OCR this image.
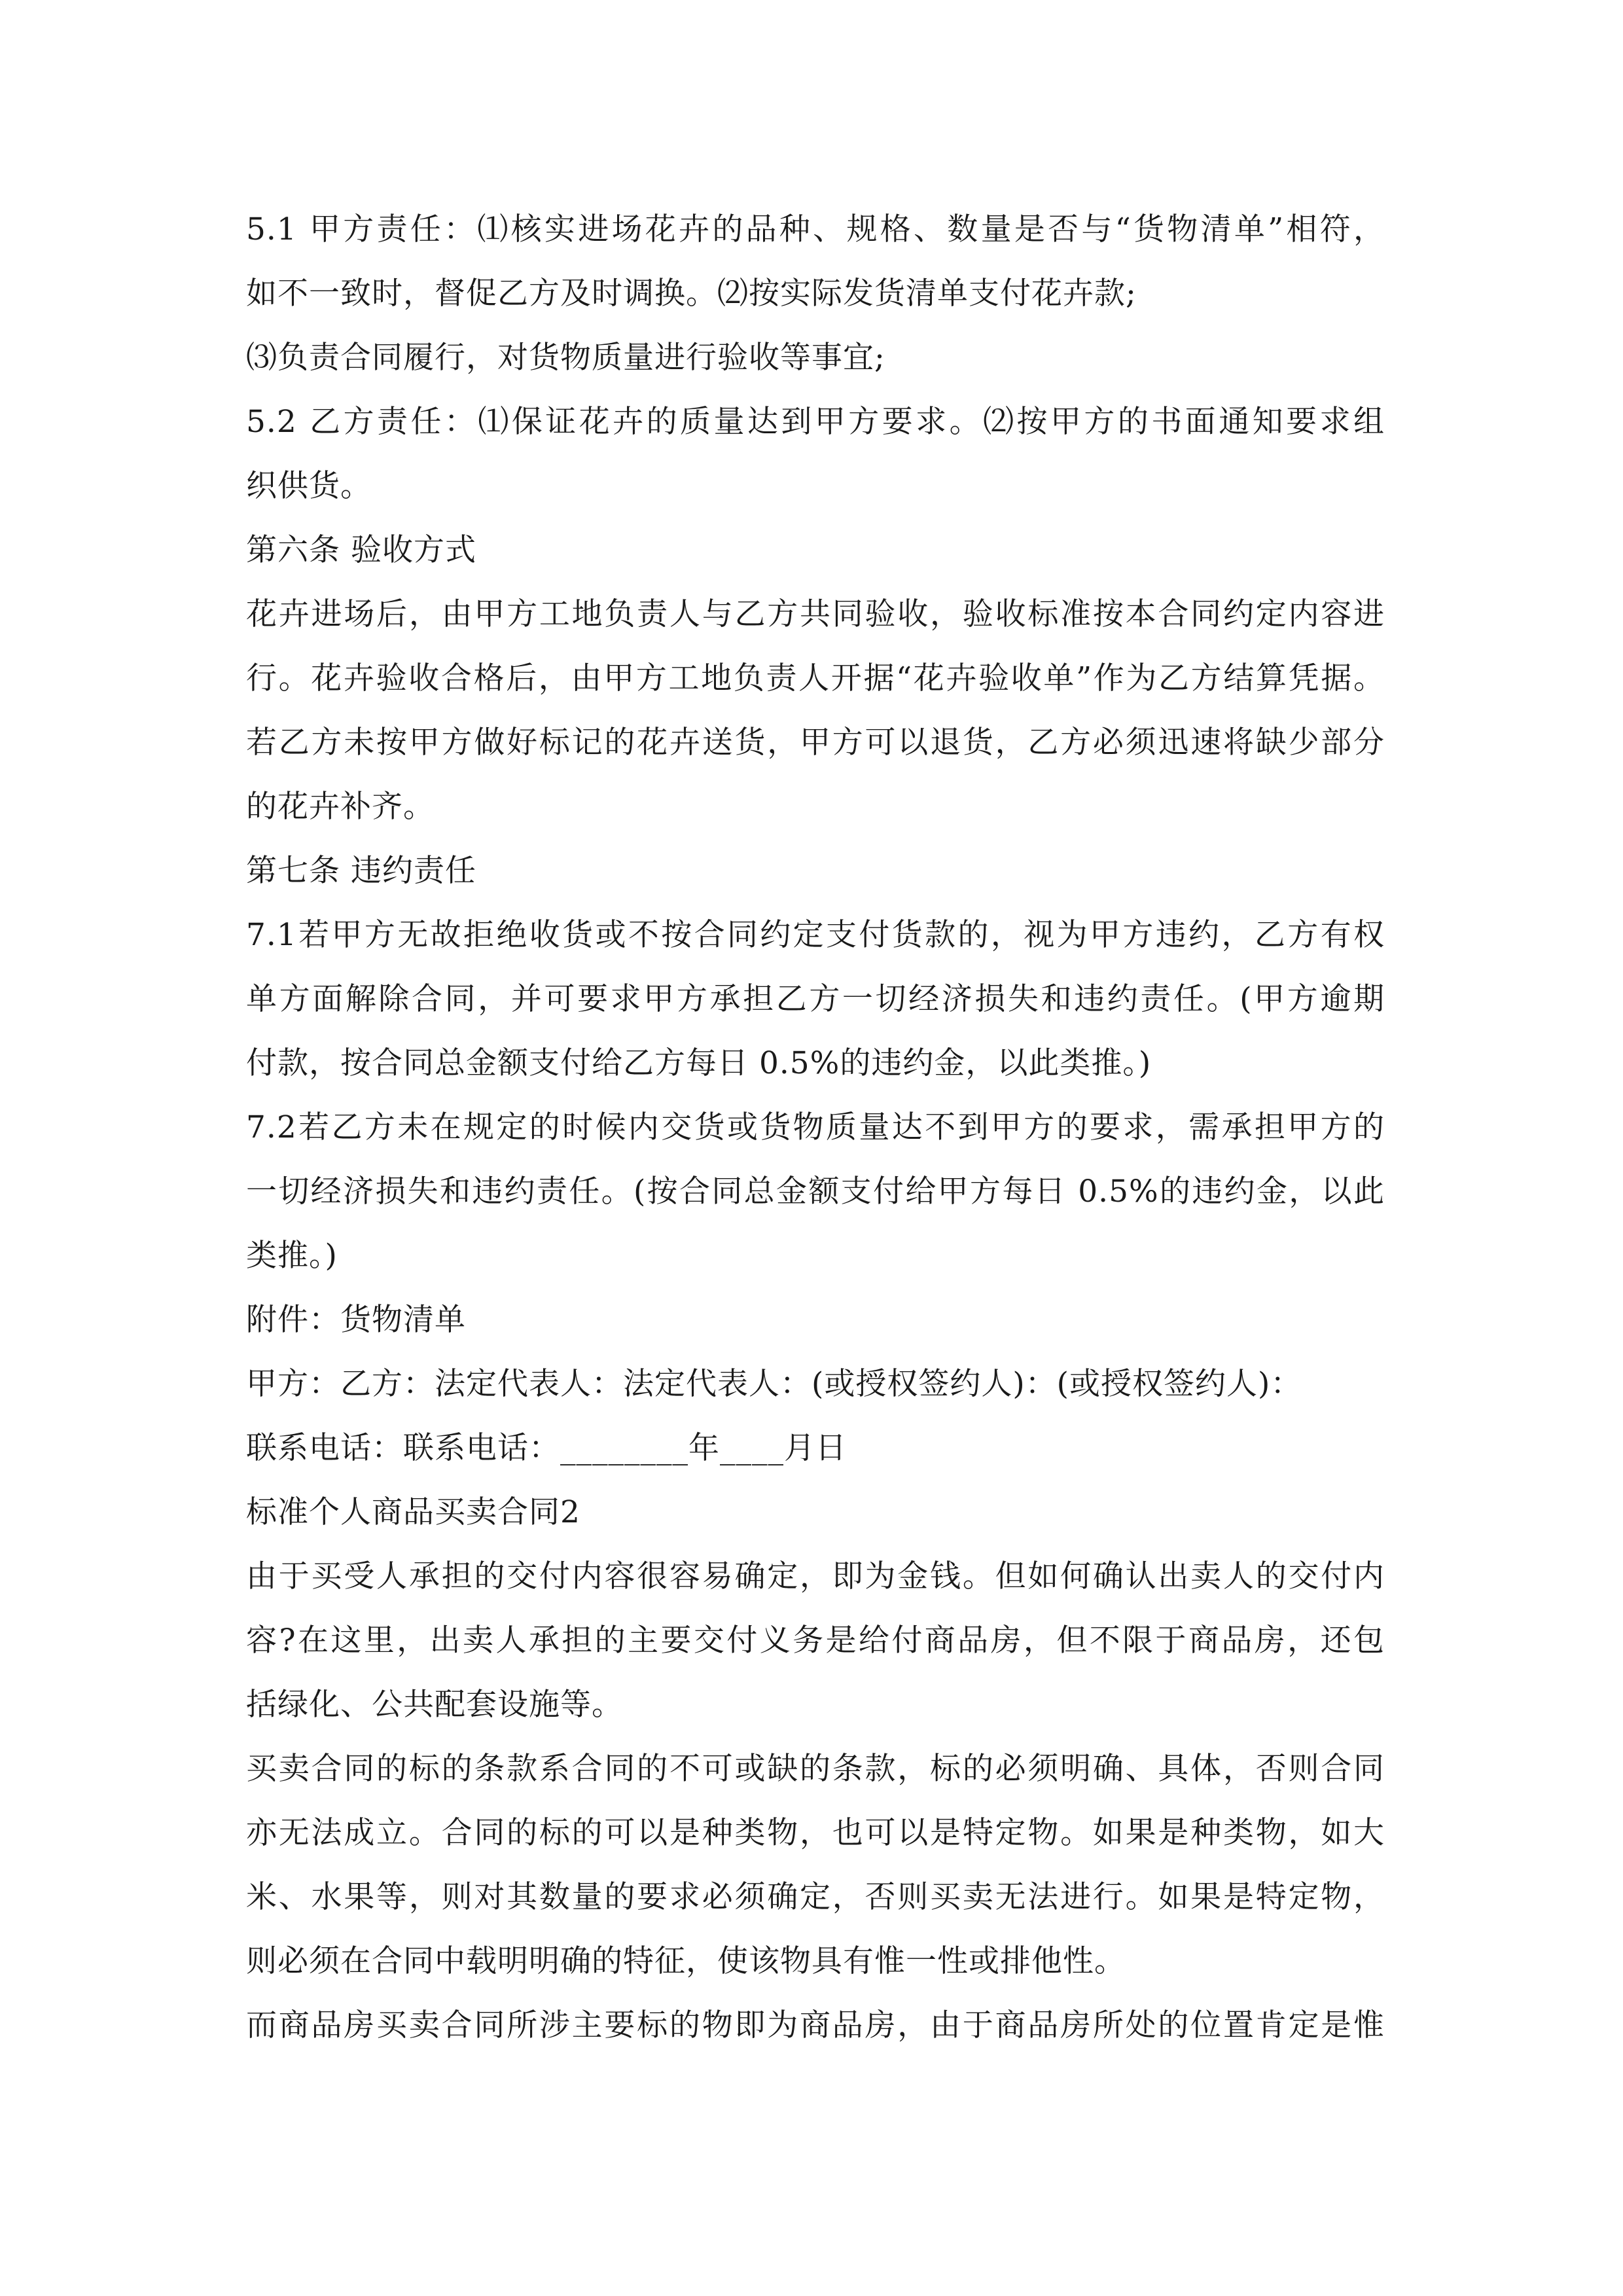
5.1 甲方责任：⑴核实进场花卉的品种、规格、数量是否与“货物清单”相符，
如不一致时，督促乙方及时调换。⑵按实际发货清单支付花卉款;
⑶负责合同履行，对货物质量进行验收等事宜;
5.2 乙方责任：⑴保证花卉的质量达到甲方要求。⑵按甲方的书面通知要求组
织供货。
第六条 验收方式
花卉进场后，由甲方工地负责人与乙方共同验收，验收标准按本合同约定内容进
行。花卉验收合格后，由甲方工地负责人开据“花卉验收单”作为乙方结算凭据。
若乙方未按甲方做好标记的花卉送货，甲方可以退货，乙方必须迅速将缺少部分
的花卉补齐。
第七条 违约责任
7.1若甲方无故拒绝收货或不按合同约定支付货款的，视为甲方违约，乙方有权
单方面解除合同，并可要求甲方承担乙方一切经济损失和违约责任。(甲方逾期
付款，按合同总金额支付给乙方每日 0.5%的违约金，以此类推。)
7.2若乙方未在规定的时候内交货或货物质量达不到甲方的要求，需承担甲方的
一切经济损失和违约责任。(按合同总金额支付给甲方每日 0.5%的违约金，以此
类推。)
附件：货物清单
甲方：乙方：法定代表人：法定代表人：(或授权签约人)：(或授权签约人)：
联系电话：联系电话：________年____月日
标准个人商品买卖合同2
由于买受人承担的交付内容很容易确定，即为金钱。但如何确认出卖人的交付内
容?在这里，出卖人承担的主要交付义务是给付商品房，但不限于商品房，还包
括绿化、公共配套设施等。
买卖合同的标的条款系合同的不可或缺的条款，标的必须明确、具体，否则合同
亦无法成立。合同的标的可以是种类物，也可以是特定物。如果是种类物，如大
米、水果等，则对其数量的要求必须确定，否则买卖无法进行。如果是特定物，
则必须在合同中载明明确的特征，使该物具有惟一性或排他性。
而商品房买卖合同所涉主要标的物即为商品房，由于商品房所处的位置肯定是惟
